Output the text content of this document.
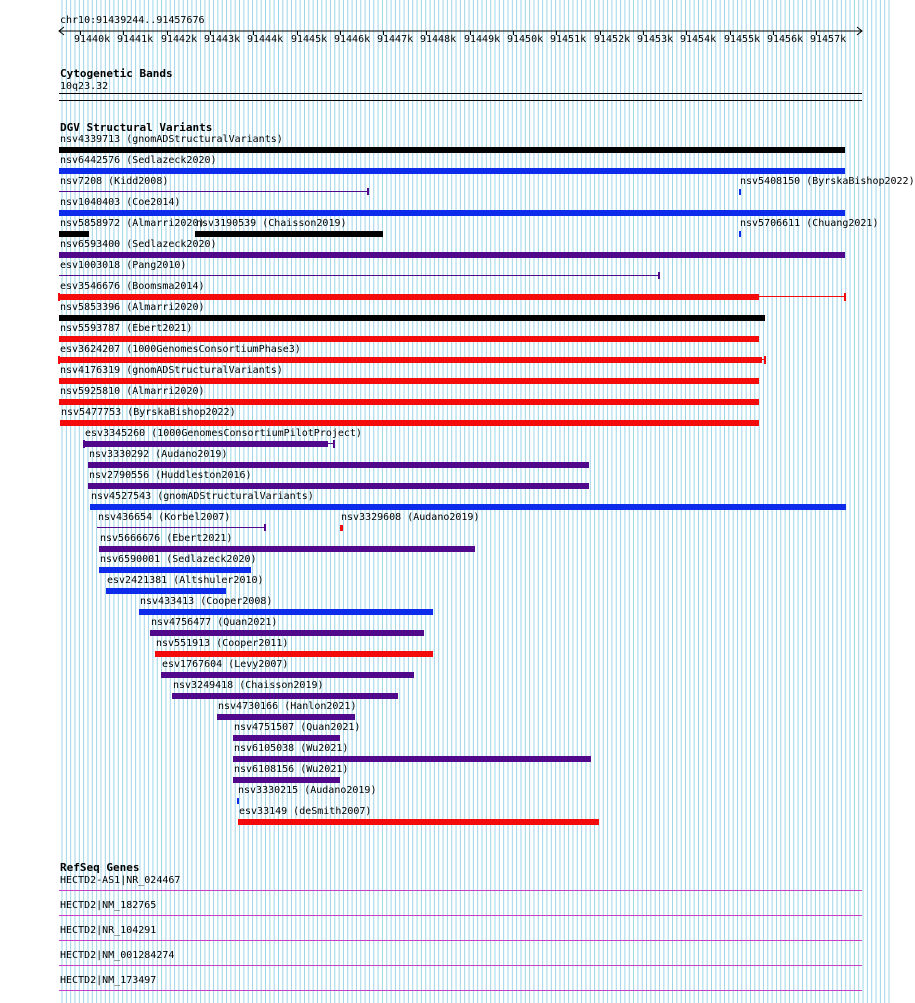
chr10:91439244..91457676
91440k 91441k 91442k 91443k 91444k 91445k 91446k 91447k 91448k 91449k 91450k 91451k 91452k 91453k 91454k 91455k 91456k 91457k
Cytogenetic Bands
10q23.32
DGV Structural Variants
nsv4339713 (gnomADStructuralVariants)
nsv6442576 (Sedlazeck2020)
nsv7208 (Kidd2008)	nsv5408150 (ByrskaBishop2022)
nsv1040403 (Coe2014)
nsv5858972 (Almarri2020)
nsv3190539 (Chaisson2019)	nsv5706611 (Chuang2021)
nsv6593400 (Sedlazeck2020)
esv1003018 (Pang2010)
esv3546676 (Boomsma2014)
nsv5853396 (Almarri2020)
nsv5593787 (Ebert2021)
esv3624207 (1000GenomesConsortiumPhase3)
nsv4176319 (gnomADStructuralVariants)
nsv5925810 (Almarri2020)
nsv5477753 (ByrskaBishop2022)
esv3345260 (1000GenomesConsortiumPilotProject)
nsv3330292 (Audano2019)
nsv2790556 (Huddleston2016)
nsv4527543 (gnomADStructuralVariants)
nsv436654 (Korbel2007)	nsv3329608 (Audano2019)
nsv5666676 (Ebert2021)
nsv6590001 (Sedlazeck2020)
esv2421381 (Altshuler2010)
nsv433413 (Cooper2008)
nsv4756477 (Quan2021)
nsv551913 (Cooper2011)
esv1767604 (Levy2007)
nsv3249418 (Chaisson2019)
nsv4730166 (Hanlon2021)
nsv4751507 (Quan2021)
nsv6105038 (Wu2021)
nsv6108156 (Wu2021)
nsv3330215 (Audano2019)
esv33149 (deSmith2007)
RefSeq Genes
HECTD2-AS1|NR_024467
HECTD2|NM_182765
HECTD2|NR_104291
HECTD2|NM_001284274
HECTD2|NM_173497
